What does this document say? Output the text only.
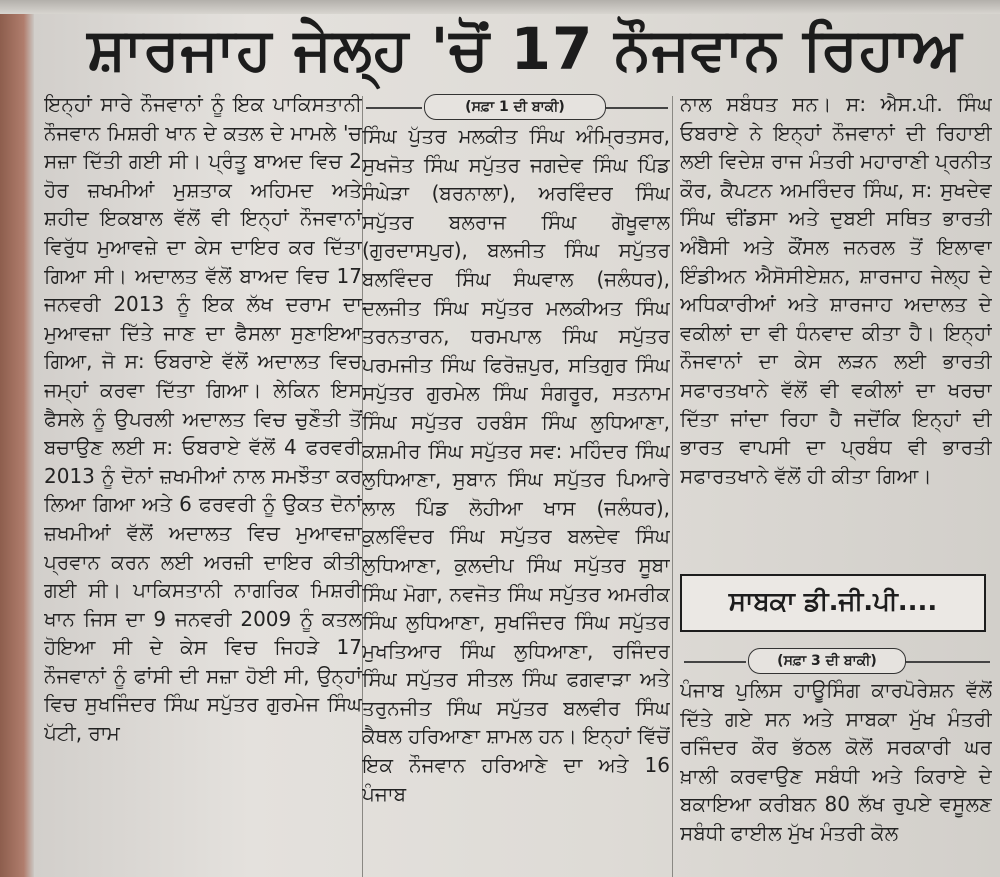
ਸ਼ਾਰਜਾਹ ਜੇਲ੍ਹ 'ਚੋਂ 17 ਨੌਜਵਾਨ ਰਿਹਾਅ

ਇਨ੍ਹਾਂ ਸਾਰੇ ਨੌਜਵਾਨਾਂ ਨੂੰ ਇਕ ਪਾਕਿਸਤਾਨੀ ਨੌਜਵਾਨ ਮਿਸ਼ਰੀ ਖਾਨ ਦੇ ਕਤਲ ਦੇ ਮਾਮਲੇ 'ਚ ਸਜ਼ਾ ਦਿੱਤੀ ਗਈ ਸੀ। ਪ੍ਰੰਤੂ ਬਾਅਦ ਵਿਚ 2 ਹੋਰ ਜ਼ਖਮੀਆਂ ਮੁਸ਼ਤਾਕ ਅਹਿਮਦ ਅਤੇ ਸ਼ਹੀਦ ਇਕਬਾਲ ਵੱਲੋਂ ਵੀ ਇਨ੍ਹਾਂ ਨੌਜਵਾਨਾਂ ਵਿਰੁੱਧ ਮੁਆਵਜ਼ੇ ਦਾ ਕੇਸ ਦਾਇਰ ਕਰ ਦਿੱਤਾ ਗਿਆ ਸੀ। ਅਦਾਲਤ ਵੱਲੋਂ ਬਾਅਦ ਵਿਚ 17 ਜਨਵਰੀ 2013 ਨੂੰ ਇਕ ਲੱਖ ਦਰਾਮ ਦਾ ਮੁਆਵਜ਼ਾ ਦਿੱਤੇ ਜਾਣ ਦਾ ਫੈਸਲਾ ਸੁਣਾਇਆ ਗਿਆ, ਜੋ ਸ: ਓਬਰਾਏ ਵੱਲੋਂ ਅਦਾਲਤ ਵਿਚ ਜਮ੍ਹਾਂ ਕਰਵਾ ਦਿੱਤਾ ਗਿਆ। ਲੇਕਿਨ ਇਸ ਫੈਸਲੇ ਨੂੰ ਉਪਰਲੀ ਅਦਾਲਤ ਵਿਚ ਚੁਣੌਤੀ ਤੋਂ ਬਚਾਉਣ ਲਈ ਸ: ਓਬਰਾਏ ਵੱਲੋਂ 4 ਫਰਵਰੀ 2013 ਨੂੰ ਦੋਨਾਂ ਜ਼ਖਮੀਆਂ ਨਾਲ ਸਮਝੌਤਾ ਕਰ ਲਿਆ ਗਿਆ ਅਤੇ 6 ਫਰਵਰੀ ਨੂੰ ਉਕਤ ਦੋਨਾਂ ਜ਼ਖਮੀਆਂ ਵੱਲੋਂ ਅਦਾਲਤ ਵਿਚ ਮੁਆਵਜ਼ਾ ਪ੍ਰਵਾਨ ਕਰਨ ਲਈ ਅਰਜ਼ੀ ਦਾਇਰ ਕੀਤੀ ਗਈ ਸੀ। ਪਾਕਿਸਤਾਨੀ ਨਾਗਰਿਕ ਮਿਸ਼ਰੀ ਖਾਨ ਜਿਸ ਦਾ 9 ਜਨਵਰੀ 2009 ਨੂੰ ਕਤਲ ਹੋਇਆ ਸੀ ਦੇ ਕੇਸ ਵਿਚ ਜਿਹੜੇ 17 ਨੌਜਵਾਨਾਂ ਨੂੰ ਫਾਂਸੀ ਦੀ ਸਜ਼ਾ ਹੋਈ ਸੀ, ਉਨ੍ਹਾਂ ਵਿਚ ਸੁਖਜਿੰਦਰ ਸਿੰਘ ਸਪੁੱਤਰ ਗੁਰਮੇਜ ਸਿੰਘ ਪੱਟੀ, ਰਾਮ

(ਸਫ਼ਾ 1 ਦੀ ਬਾਕੀ)

ਸਿੰਘ ਪੁੱਤਰ ਮਲਕੀਤ ਸਿੰਘ ਅੰਮ੍ਰਿਤਸਰ, ਸੁਖਜੋਤ ਸਿੰਘ ਸਪੁੱਤਰ ਜਗਦੇਵ ਸਿੰਘ ਪਿੰਡ ਸੰਘੇੜਾ (ਬਰਨਾਲਾ), ਅਰਵਿੰਦਰ ਸਿੰਘ ਸਪੁੱਤਰ ਬਲਰਾਜ ਸਿੰਘ ਗੋਖੂਵਾਲ (ਗੁਰਦਾਸਪੁਰ), ਬਲਜੀਤ ਸਿੰਘ ਸਪੁੱਤਰ ਬਲਵਿੰਦਰ ਸਿੰਘ ਸੰਘਵਾਲ (ਜਲੰਧਰ), ਦਲਜੀਤ ਸਿੰਘ ਸਪੁੱਤਰ ਮਲਕੀਅਤ ਸਿੰਘ ਤਰਨਤਾਰਨ, ਧਰਮਪਾਲ ਸਿੰਘ ਸਪੁੱਤਰ ਪਰਮਜੀਤ ਸਿੰਘ ਫਿਰੋਜ਼ਪੁਰ, ਸਤਿਗੁਰ ਸਿੰਘ ਸਪੁੱਤਰ ਗੁਰਮੇਲ ਸਿੰਘ ਸੰਗਰੂਰ, ਸਤਨਾਮ ਸਿੰਘ ਸਪੁੱਤਰ ਹਰਬੰਸ ਸਿੰਘ ਲੁਧਿਆਣਾ, ਕਸ਼ਮੀਰ ਸਿੰਘ ਸਪੁੱਤਰ ਸਵ: ਮਹਿੰਦਰ ਸਿੰਘ ਲੁਧਿਆਣਾ, ਸੁਬਾਨ ਸਿੰਘ ਸਪੁੱਤਰ ਪਿਆਰੇ ਲਾਲ ਪਿੰਡ ਲੋਹੀਆ ਖਾਸ (ਜਲੰਧਰ), ਕੁਲਵਿੰਦਰ ਸਿੰਘ ਸਪੁੱਤਰ ਬਲਦੇਵ ਸਿੰਘ ਲੁਧਿਆਣਾ, ਕੁਲਦੀਪ ਸਿੰਘ ਸਪੁੱਤਰ ਸੂਬਾ ਸਿੰਘ ਮੋਗਾ, ਨਵਜੋਤ ਸਿੰਘ ਸਪੁੱਤਰ ਅਮਰੀਕ ਸਿੰਘ ਲੁਧਿਆਣਾ, ਸੁਖਜਿੰਦਰ ਸਿੰਘ ਸਪੁੱਤਰ ਮੁਖਤਿਆਰ ਸਿੰਘ ਲੁਧਿਆਣਾ, ਰਜਿੰਦਰ ਸਿੰਘ ਸਪੁੱਤਰ ਸੀਤਲ ਸਿੰਘ ਫਗਵਾੜਾ ਅਤੇ ਤਰੁਨਜੀਤ ਸਿੰਘ ਸਪੁੱਤਰ ਬਲਵੀਰ ਸਿੰਘ ਕੈਥਲ ਹਰਿਆਣਾ ਸ਼ਾਮਲ ਹਨ। ਇਨ੍ਹਾਂ ਵਿੱਚੋਂ ਇਕ ਨੌਜਵਾਨ ਹਰਿਆਣੇ ਦਾ ਅਤੇ 16 ਪੰਜਾਬ

ਨਾਲ ਸਬੰਧਤ ਸਨ। ਸ: ਐਸ.ਪੀ. ਸਿੰਘ ਓਬਰਾਏ ਨੇ ਇਨ੍ਹਾਂ ਨੌਜਵਾਨਾਂ ਦੀ ਰਿਹਾਈ ਲਈ ਵਿਦੇਸ਼ ਰਾਜ ਮੰਤਰੀ ਮਹਾਰਾਣੀ ਪ੍ਰਨੀਤ ਕੌਰ, ਕੈਪਟਨ ਅਮਰਿੰਦਰ ਸਿੰਘ, ਸ: ਸੁਖਦੇਵ ਸਿੰਘ ਢੀਂਡਸਾ ਅਤੇ ਦੁਬਈ ਸਥਿਤ ਭਾਰਤੀ ਅੰਬੈਸੀ ਅਤੇ ਕੌਂਸਲ ਜਨਰਲ ਤੋਂ ਇਲਾਵਾ ਇੰਡੀਅਨ ਐਸੋਸੀਏਸ਼ਨ, ਸ਼ਾਰਜਾਹ ਜੇਲ੍ਹ ਦੇ ਅਧਿਕਾਰੀਆਂ ਅਤੇ ਸ਼ਾਰਜਾਹ ਅਦਾਲਤ ਦੇ ਵਕੀਲਾਂ ਦਾ ਵੀ ਧੰਨਵਾਦ ਕੀਤਾ ਹੈ। ਇਨ੍ਹਾਂ ਨੌਜਵਾਨਾਂ ਦਾ ਕੇਸ ਲੜਨ ਲਈ ਭਾਰਤੀ ਸਫਾਰਤਖਾਨੇ ਵੱਲੋਂ ਵੀ ਵਕੀਲਾਂ ਦਾ ਖਰਚਾ ਦਿੱਤਾ ਜਾਂਦਾ ਰਿਹਾ ਹੈ ਜਦੋਂਕਿ ਇਨ੍ਹਾਂ ਦੀ ਭਾਰਤ ਵਾਪਸੀ ਦਾ ਪ੍ਰਬੰਧ ਵੀ ਭਾਰਤੀ ਸਫਾਰਤਖਾਨੇ ਵੱਲੋਂ ਹੀ ਕੀਤਾ ਗਿਆ।

ਸਾਬਕਾ ਡੀ.ਜੀ.ਪੀ....
(ਸਫ਼ਾ 3 ਦੀ ਬਾਕੀ)

ਪੰਜਾਬ ਪੁਲਿਸ ਹਾਊਸਿੰਗ ਕਾਰਪੋਰੇਸ਼ਨ ਵੱਲੋਂ ਦਿੱਤੇ ਗਏ ਸਨ ਅਤੇ ਸਾਬਕਾ ਮੁੱਖ ਮੰਤਰੀ ਰਜਿੰਦਰ ਕੌਰ ਭੱਠਲ ਕੋਲੋਂ ਸਰਕਾਰੀ ਘਰ ਖ਼ਾਲੀ ਕਰਵਾਉਣ ਸਬੰਧੀ ਅਤੇ ਕਿਰਾਏ ਦੇ ਬਕਾਇਆ ਕਰੀਬਨ 80 ਲੱਖ ਰੁਪਏ ਵਸੂਲਣ ਸਬੰਧੀ ਫਾਈਲ ਮੁੱਖ ਮੰਤਰੀ ਕੋਲ
